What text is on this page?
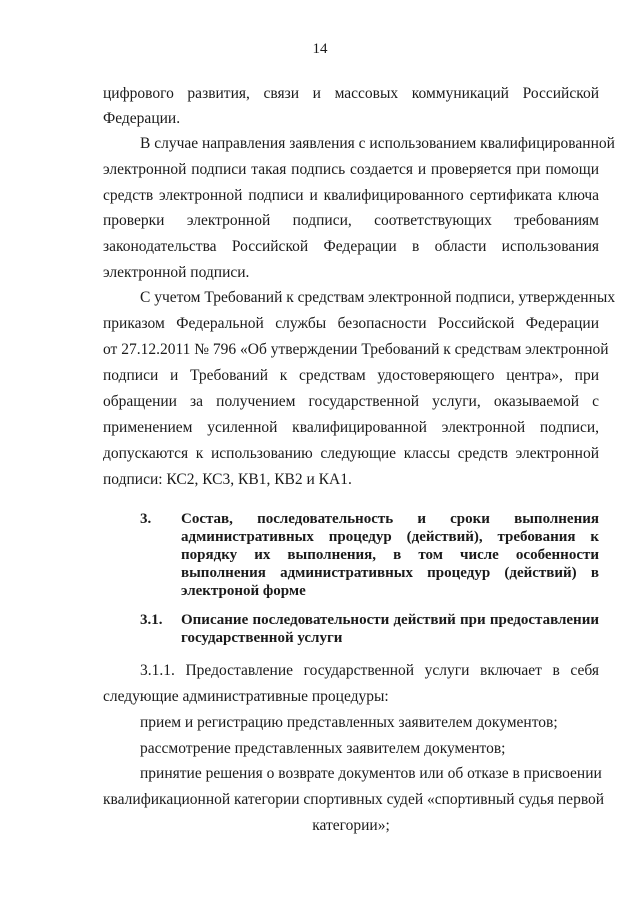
14
цифрового развития, связи и массовых коммуникаций Российской
Федерации.
В случае направления заявления с использованием квалифицированной
электронной подписи такая подпись создается и проверяется при помощи
средств электронной подписи и квалифицированного сертификата ключа
проверки электронной подписи, соответствующих требованиям
законодательства Российской Федерации в области использования
электронной подписи.
С учетом Требований к средствам электронной подписи, утвержденных
приказом Федеральной службы безопасности Российской Федерации
от 27.12.2011 № 796 «Об утверждении Требований к средствам электронной
подписи и Требований к средствам удостоверяющего центра», при
обращении за получением государственной услуги, оказываемой с
применением усиленной квалифицированной электронной подписи,
допускаются к использованию следующие классы средств электронной
подписи: КС2, КС3, КВ1, КВ2 и КА1.
3. Состав, последовательность и сроки выполнения
административных процедур (действий), требования к
порядку их выполнения, в том числе особенности
выполнения административных процедур (действий) в
электроной форме
3.1. Описание последовательности действий при предоставлении
государственной услуги
3.1.1. Предоставление государственной услуги включает в себя
следующие административные процедуры:
прием и регистрацию представленных заявителем документов;
рассмотрение представленных заявителем документов;
принятие решения о возврате документов или об отказе в присвоении
квалификационной категории спортивных судей «спортивный судья первой
категории»;
